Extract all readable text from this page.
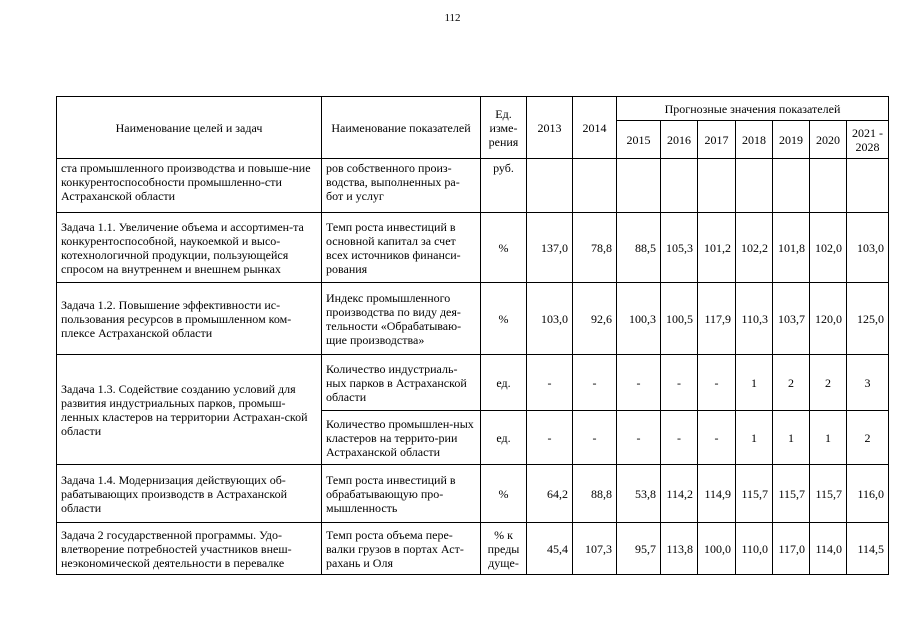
112
Наименование целей и задач	Наименование показателей	Ед. изме-рения	2013	2014	Прогнозные значения показателей						
					2015	2016	2017	2018	2019	2020	2021 - 2028
ста промышленного производства и повыше-ние конкурентоспособности промышленно-сти Астраханской области	ров собственного произ-водства, выполненных ра-бот и услуг	руб.									
Задача 1.1. Увеличение объема и ассортимен-та конкурентоспособной, наукоемкой и высо-котехнологичной продукции, пользующейся спросом на внутреннем и внешнем рынках	Темп роста инвестиций в основной капитал за счет всех источников финанси-рования	%	137,0	78,8	88,5	105,3	101,2	102,2	101,8	102,0	103,0
Задача 1.2. Повышение эффективности ис-пользования ресурсов в промышленном ком-плексе Астраханской области	Индекс промышленного производства по виду дея-тельности «Обрабатываю-щие производства»	%	103,0	92,6	100,3	100,5	117,9	110,3	103,7	120,0	125,0
Задача 1.3. Содействие созданию условий для развития индустриальных парков, промыш-ленных кластеров на территории Астрахан-ской области	Количество индустриаль-ных парков в Астраханской области	ед.	-	-	-	-	-	1	2	2	3
	Количество промышлен-ных кластеров на террито-рии Астраханской области	ед.	-	-	-	-	-	1	1	1	2
Задача 1.4. Модернизация действующих об-рабатывающих производств в Астраханской области	Темп роста инвестиций в обрабатывающую про-мышленность	%	64,2	88,8	53,8	114,2	114,9	115,7	115,7	115,7	116,0
Задача 2 государственной программы. Удо-влетворение потребностей участников внеш-неэкономической деятельности в перевалке	Темп роста объема пере-валки грузов в портах Аст-рахань и Оля	% к преды дуще-	45,4	107,3	95,7	113,8	100,0	110,0	117,0	114,0	114,5
